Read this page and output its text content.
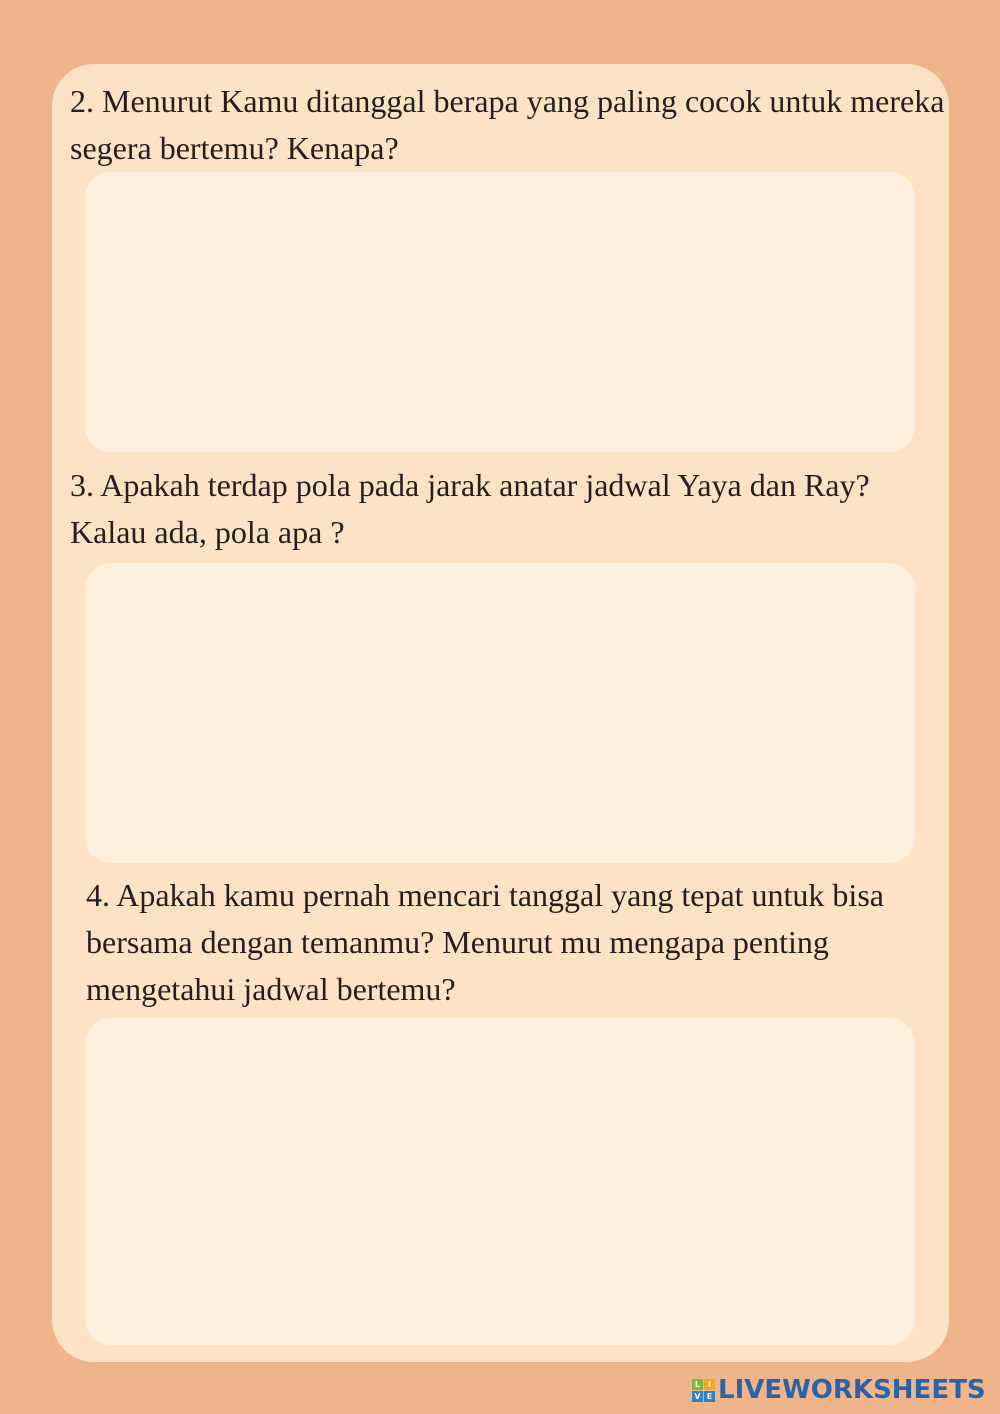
2. Menurut Kamu ditanggal berapa yang paling cocok untuk mereka segera bertemu? Kenapa?

3. Apakah terdap pola pada jarak anatar jadwal Yaya dan Ray? Kalau ada, pola apa ?

4. Apakah kamu pernah mencari tanggal yang tepat untuk bisa bersama dengan temanmu? Menurut mu mengapa penting mengetahui jadwal bertemu?

L I
V E LIVEWORKSHEETS
